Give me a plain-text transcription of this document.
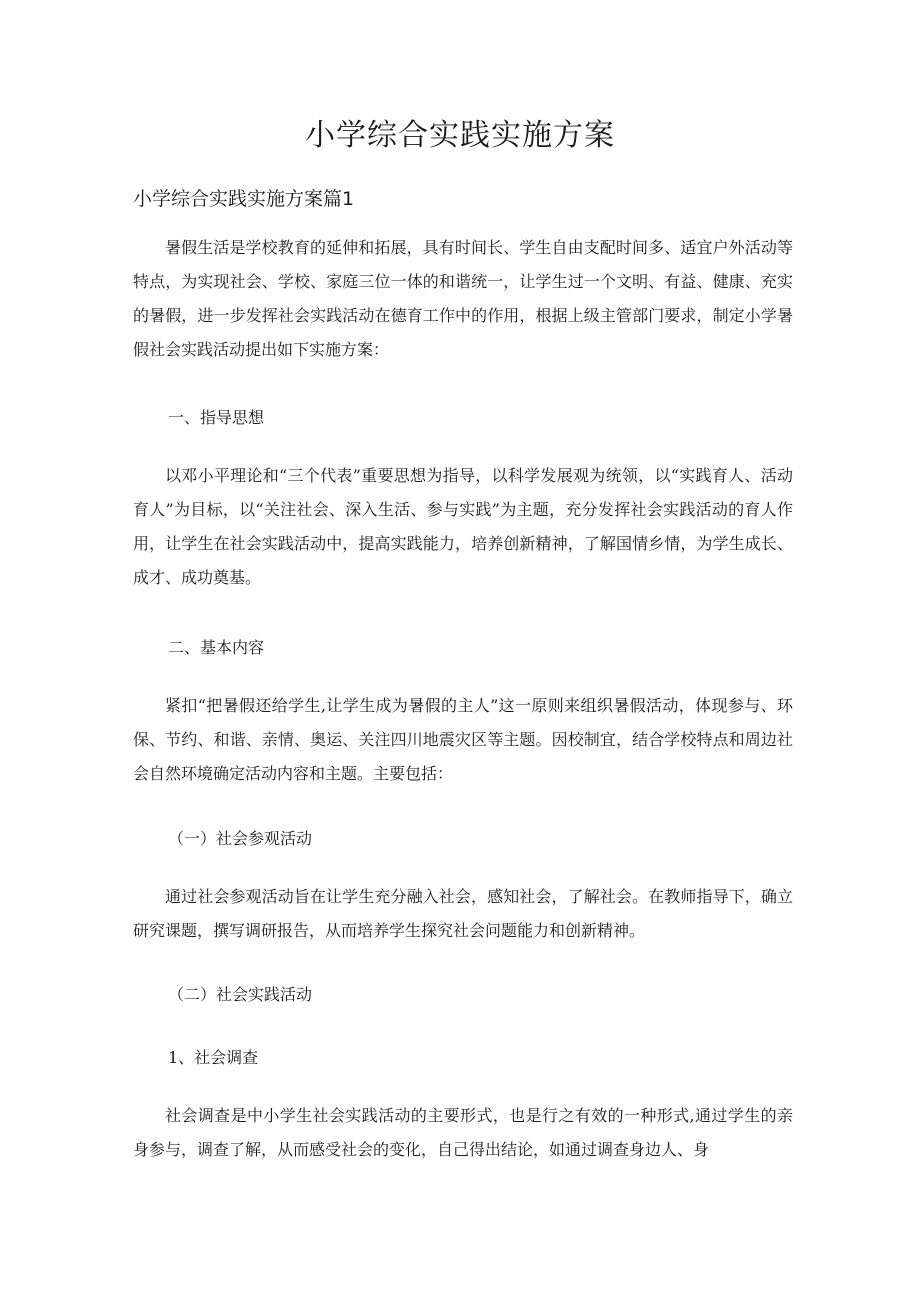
小学综合实践实施方案
小学综合实践实施方案篇1

暑假生活是学校教育的延伸和拓展，具有时间长、学生自由支配时间多、适宜户外活动等特点，为实现社会、学校、家庭三位一体的和谐统一，让学生过一个文明、有益、健康、充实的暑假，进一步发挥社会实践活动在德育工作中的作用，根据上级主管部门要求，制定小学暑假社会实践活动提出如下实施方案：

一、指导思想

以邓小平理论和“三个代表”重要思想为指导，以科学发展观为统领，以“实践育人、活动育人”为目标，以“关注社会、深入生活、参与实践”为主题，充分发挥社会实践活动的育人作用，让学生在社会实践活动中，提高实践能力，培养创新精神，了解国情乡情，为学生成长、成才、成功奠基。

二、基本内容

紧扣“把暑假还给学生,让学生成为暑假的主人”这一原则来组织暑假活动，体现参与、环保、节约、和谐、亲情、奥运、关注四川地震灾区等主题。因校制宜，结合学校特点和周边社会自然环境确定活动内容和主题。主要包括：

（一）社会参观活动

通过社会参观活动旨在让学生充分融入社会，感知社会，了解社会。在教师指导下，确立研究课题，撰写调研报告，从而培养学生探究社会问题能力和创新精神。

（二）社会实践活动

1、社会调查

社会调查是中小学生社会实践活动的主要形式，也是行之有效的一种形式,通过学生的亲身参与，调查了解，从而感受社会的变化，自己得出结论，如通过调查身边人、身
